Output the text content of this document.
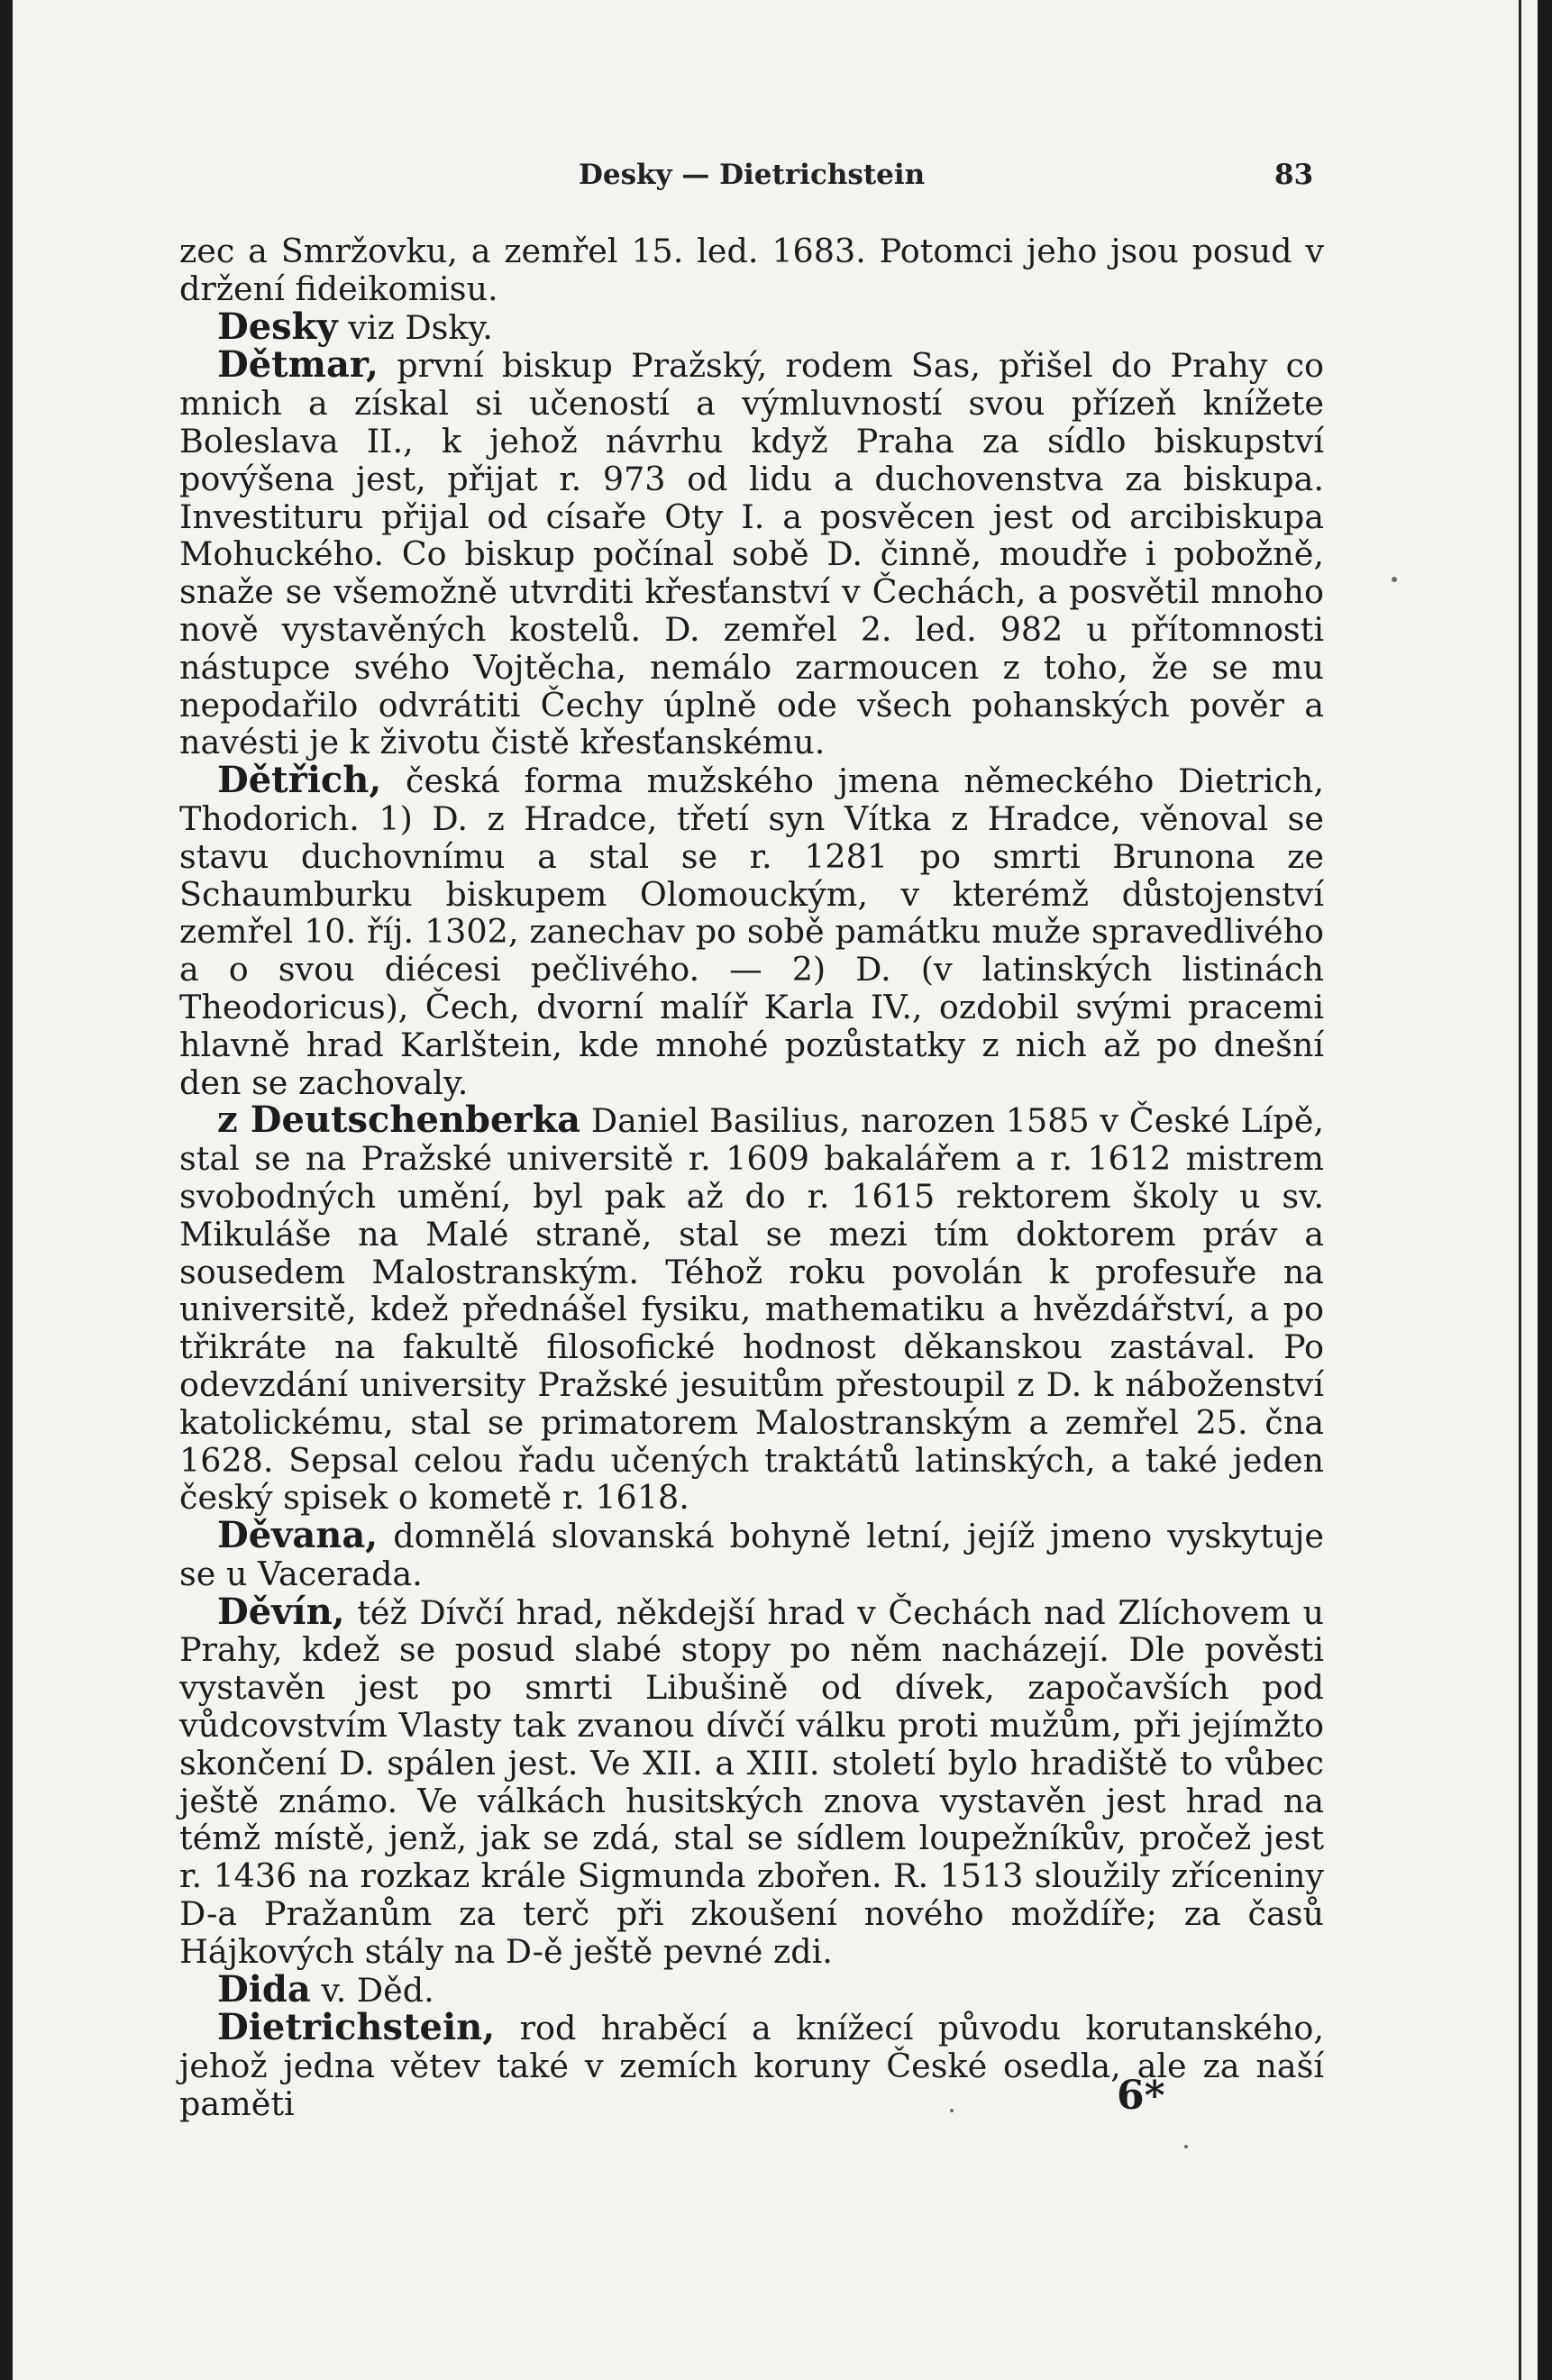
Desky — Dietrichstein	83

zec a Smržovku, a zemřel 15. led. 1683. Potomci jeho jsou posud v držení fideikomisu.

Desky viz Dsky.

Dětmar, první biskup Pražský, rodem Sas, přišel do Prahy co mnich a získal si učeností a výmluvností svou přízeň knížete Boleslava II., k jehož návrhu když Praha za sídlo biskupství povýšena jest, přijat r. 973 od lidu a duchovenstva za biskupa. Investituru přijal od císaře Oty I. a posvěcen jest od arcibiskupa Mohuckého. Co biskup počínal sobě D. činně, moudře i pobožně, snaže se všemožně utvrditi křesťanství v Čechách, a posvětil mnoho nově vystavěných kostelů. D. zemřel 2. led. 982 u přítomnosti nástupce svého Vojtěcha, nemálo zarmoucen z toho, že se mu nepodařilo odvrátiti Čechy úplně ode všech pohanských pověr a navésti je k životu čistě křesťanskému.

Dětřich, česká forma mužského jmena německého Dietrich, Thodorich. 1) D. z Hradce, třetí syn Vítka z Hradce, věnoval se stavu duchovnímu a stal se r. 1281 po smrti Brunona ze Schaumburku biskupem Olomouckým, v kterémž důstojenství zemřel 10. říj. 1302, zanechav po sobě památku muže spravedlivého a o svou diécesi pečlivého. — 2) D. (v latinských listinách Theodoricus), Čech, dvorní malíř Karla IV., ozdobil svými pracemi hlavně hrad Karlštein, kde mnohé pozůstatky z nich až po dnešní den se zachovaly.

z Deutschenberka Daniel Basilius, narozen 1585 v České Lípě, stal se na Pražské universitě r. 1609 bakalářem a r. 1612 mistrem svobodných umění, byl pak až do r. 1615 rektorem školy u sv. Mikuláše na Malé straně, stal se mezi tím doktorem práv a sousedem Malostranským. Téhož roku povolán k profesuře na universitě, kdež přednášel fysiku, mathematiku a hvězdářství, a po třikráte na fakultě filosofické hodnost děkanskou zastával. Po odevzdání university Pražské jesuitům přestoupil z D. k náboženství katolickému, stal se primatorem Malostranským a zemřel 25. čna 1628. Sepsal celou řadu učených traktátů latinských, a také jeden český spisek o kometě r. 1618.

Děvana, domnělá slovanská bohyně letní, jejíž jmeno vyskytuje se u Vacerada.

Děvín, též Dívčí hrad, někdejší hrad v Čechách nad Zlíchovem u Prahy, kdež se posud slabé stopy po něm nacházejí. Dle pověsti vystavěn jest po smrti Libušině od dívek, započavších pod vůdcovstvím Vlasty tak zvanou dívčí válku proti mužům, při jejímžto skončení D. spálen jest. Ve XII. a XIII. století bylo hradiště to vůbec ještě známo. Ve válkách husitských znova vystavěn jest hrad na témž místě, jenž, jak se zdá, stal se sídlem loupežníkův, pročež jest r. 1436 na rozkaz krále Sigmunda zbořen. R. 1513 sloužily zříceniny D-a Pražanům za terč při zkoušení nového moždíře; za časů Hájkových stály na D-ě ještě pevné zdi.

Dida v. Děd.

Dietrichstein, rod hraběcí a knížecí původu korutanského, jehož jedna větev také v zemích koruny České osedla, ale za naší paměti	6*
